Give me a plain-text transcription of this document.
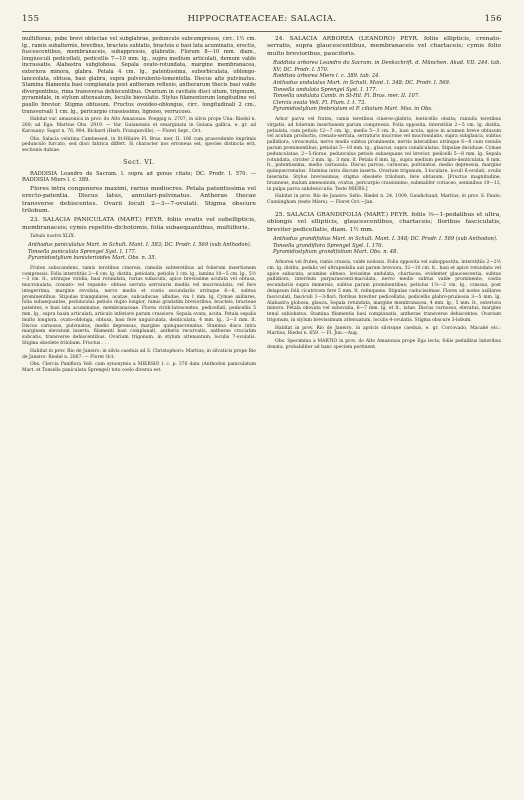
155	HIPPOCRATEACEAE: SALACIA.	156

multiflorae, pube brevi obtectae vel subglabrae, pedunculo subcompresso, circ. 1½ cm. lg., ramis subalternis, brevibus, bracteis sublatis, bracteis e basi lata acuminatis, erectis, fuscescentibus, membranaceis, subappressis, glabratis. Florum 8—10 mm. diam., longiusculi pedicellati, pedicellis 7—10 mm. lg., supra medium articulati, demum valde incrassatis. Alabastra subglobosa. Sepala ovato-rotundata, margine membranacea, exteriora minora, glabra. Petala 4 cm. lg., patentissima, suborbiculata, oblongo-lanceolata, obtusa, basi glabra, supra pulverulento-tomentella. Discus alte pulvinatus. Stamina filamenta basi complanata post antheram reflexis, antherarum thecis basi valde divergentibus, rima transversa dehiscentibus. Ovarium in cavitate disci situm, trigonum, pyramidale, in stylum attenuatum, loculis biovulatis. Stylus filamentorum longitudine vel paullo brevior. Stigma obtusum. Fructus ovoideo-oblongus, circ. longitudinali 2 cm., transversali 1 cm. lg., pericarpio crassissimo, lignoso, verrucoso.

Habitat var. amazonica in prov. do Alto Amazonas: Poeppig n. 2707; in silvis prope Una: Riedel n. 260; ad Ega: Martius Obs. 2919. — Var. Guianensis et emarginata in Guiana gallica, e. gr. ad Karouany: Sagot n. 76, 904, Richard (Herb. Franqueville). — Floret Sept., Oct.

Obs. Salacia velutina Cambessed. in St-Hilaire Fl. Bras. mer. II. 106 cum praecedente imprimis pedunculo furcato, sed disci fabrica differt. Si character nos erroneus est, species distincta erit, sectionis dubiae.

Sect. VI.

RADDISIA Leandro de Sacram. l. supra ad genus citato; DC. Prodr. I. 570. — RADDISIA Miers l. c. 389.

Flores intra congeneres maximi, rarius mediocres. Petala patentissima vel erecto-patentia. Discus latus, annulari-pulvinatus. Antherae thecae transverse dehiscentes. Ovarii loculi 2—3—7-ovulati. Stigma obscure trilobum.

23. SALACIA PANICULATA (MART.) PEYR. foliis ovatis vel subellipticis, membranaceis; cymis repetito-dichotomis, folia subaequantibus, multifloris.

Tabula nostra XLIX.

Anthodus paniculatus Mart. in Schult. Mant. I. 383; DC. Prodr. I. 569 (sub Anthodon).

Tonsella paniculata Sprengel Syst. I. 177.

Pyramidostylium banisterioides Mart. Obs. n. 35.

Frutex subscandens, ramis teretibus cinereis, ramulis subteretibus ad folierum insertionem compressis. Folia interstitiis 2—6 cm. lg. distita, petiolata, petiolis 1 cm. lg., lamina 10—5 cm. lg., 5½—3 cm. lt., utrinque viridia, basi rotundata, rarius subacuta, apice brevissime acutata vel obtusa, mucronulata, crenato- vel repando- obtuse serrata serraturis mediis vel mucronulatis, vel fere integerrima, margine revoluta, nervo medio et costis secundariis utrinque 6—8, subtus prominentibus. Stipulae triangulares, acutae, subcaducae, albidae, vix 1 mm. lg. Cymae axillares, folia subaequantes, pedunculus petiolo duplo longior, ramis gradatim brevioribus, bracteis, bracteae patentes, e basi lata acuminatae, membranaceae. Flores viridi-lutescentes, pedicellati, pedicellis 5 mm. lg., supra basin articulati, articulo inferiore parum crassiore. Sepala ovata, acuta. Petala sepalis multo longiora, ovato-oblonga, obtusa, basi fere unguiculata, denticulata, 4 mm. lg., 2—3 mm. lt. Discus carnosus, pulvinatus, medio depressus, margine quinquecrenatus. Stamina disco intra marginem elevatum inserta, filamenti basi complanati, antheris recurvatis, antherae cruciatim subcatis, transverse dehiscentibus. Ovarium trigonum, in stylum attenuatum, loculis 7-ovulatis. Stigma obsolete trilobum. Fructus . . .

Habitat in prov. Rio de Janeiro: in silvis caeduis ad S. Christophoro: Martius; in silvaticis prope Rio de Janeiro: Riedel n. 2067. — Floret Oct.

Obs. Clercia Paniflora Vell. cum synonymis a MIERSIO l. c. p. 376 data (Anthodon paniculatum Mart. et Tonsella paniculata Sprengel) toto coelo diversa est.

24. SALACIA ARBOREA (LEANDRO) PEYR. foliis ellipticis, crenato-serratis, supra glaucescentibus, membranaceis vel chartaceis; cymis folio multo brevioribus, pauciforis.

Raddisia arborea Leandro do Sacram. in Denkschrift. d. München. Akad. VII. 244. tab. XV; DC. Prodr. I. 570.

Raddisia arborea Miers l. c. 389. tab. 24.

Anthodus undulatus Mart. in Schult. Mant. I. 348; DC. Prodr. I. 569.

Tonsella undulata Sprengel Syst. I. 177.

Tonsella undulata Camb. in St-Hil. Fl. Bras. mer. II. 107.

Clercia ovata Vell. Fl. Flum. I. t. 73.

Pyramidostylium fimbriatum et P. ciliatum Mart. Mss. in Obs.

Arbor parva vel frutex, ramis teretibus cinereo-glabris, lenticellis obsita; ramulis teretibus virgatis, ad folierum insertionem parum compressis. Folia opposita, interstitiis 2—5 cm. lg. distita, petiolata, cum petiolo 12—7 cm. lg., medio 5—3 cm. lt., basi acuta, apice in acumen breve obtusum vel acutum productis, crenato-serrata, serraturis mucrone vel mucronulatis, supra subglauca, subtus pallidiora, viresceutia, nervo medio subtus prominente, nervis lateralibus utrinque 6—8 cum venulis parum prominentibus; petiolus 5—10 mm. lg., glaucus, supra canaliculatus. Stipulae deciduae. Cymae pedunculatae, 2—5-florae, pedunculus petiolo subaequans vel brevior, pedicelli 5—8 mm. lg. Sepala rotundata, circiter 2 mm. lg., 3 mm. lt. Petala 6 mm. lg., supra medium pectinato-denticulata, 6 mm. lt., patentissima, medio carnosula. Discus parvus, carnosus, pulvinatus, medio depressus, margine quinquecrenatus. Stamina intra discum inserta. Ovarium trigonum, 3-loculare, loculi 6-ovulati, ovulis biseriatis. Stylus brevissimus; stigma obsolete trilobum, fere obtusum. [Fructus magnitudine, brunneus, malum amenomum, ovatus, pericarpio crassissimo, submalifer coriaceo, seminibus 10—12, in pulpa parva subdesiccatis. Teste MIERS.]

Habitat in prov. Rio de Janeiro: Sello, Riedel n. 24, 1009, Gaudichaud, Martius; in prov. S. Paulo: Cunningham (teste Miers). — Floret Oct.—Jan.

25. SALACIA GRANDIFOLIA (MART.) PEYR. foliis ⅓—1-pedalibus et ultra, oblongis vel ellipticis, glaucescentibus, chartaceis; floribus fasciculatis, breviter pedicellatis, diam. 1½ mm.

Anthodus grandifolius Mart. in Schult. Mant. I. 348; DC. Prodr. I. 569 (sub Anthodon).

Tonsella grandiflora Sprengel Syst. I. 176.

Pyramidostylium grandifolium Mart. Obs. n. 48.

Arborea vel frutex, ramis crassis, valde nodosis. Folia opposita vel suboppostita, interstitiis 2—2½ cm. lg. distita, pedalis vel ultrapedalia aut parum breviora, 32—10 cm. lt., basi et apice rotundata vel apice subacuta, acumine obtuso, levissime undulata, chartacea, evidenter glaucescentia, subtus pallidiora, interdum purpurascenti-maculata, nervo medio subtus valde prominente, costis secundariis supra immersis, subtus parum prominentibus; petiolus 1½—2 cm. lg., crassus, post delapsum folii cicatricem fere 5 mm. lt. relinquens. Stipulae caducissimae. Flores ad nodos axillares fasciculati, fasciculi 1—3-flori, floribus breviter pedicellatis, pedicellis glabro-pruinosis 3—5 mm. lg. Alabastra globosa, glauca. Sepala rotundata, margine membranacea, 4 mm. lg., 5 mm. lt., exteriora minora. Petala obovata vel subovalia, 6—7 mm. lg. et lt., latae. Discus carnosus, elevatus, margine tenui subiobatus. Stamina filamentis basi complanatis, antherae transverse dehiscentes. Ovarium trigonum, in stylum brevissimum attenuatum, loculis 4-ovulatis. Stigma obscure 3-lobum.

Habitat in prov. Rio de Janeiro, in apricis silvisque caeduis, e. gr. Corcovado, Macahé etc.: Martius, Riedel n. 659. — Fl. Jun.—Aug.

Obs. Specimina a MARTIO in prov. do Alto Amazonas prope Ega lecta, foliis pedalibus latioribus donata, probabiliter ad hanc speciem pertinent.
